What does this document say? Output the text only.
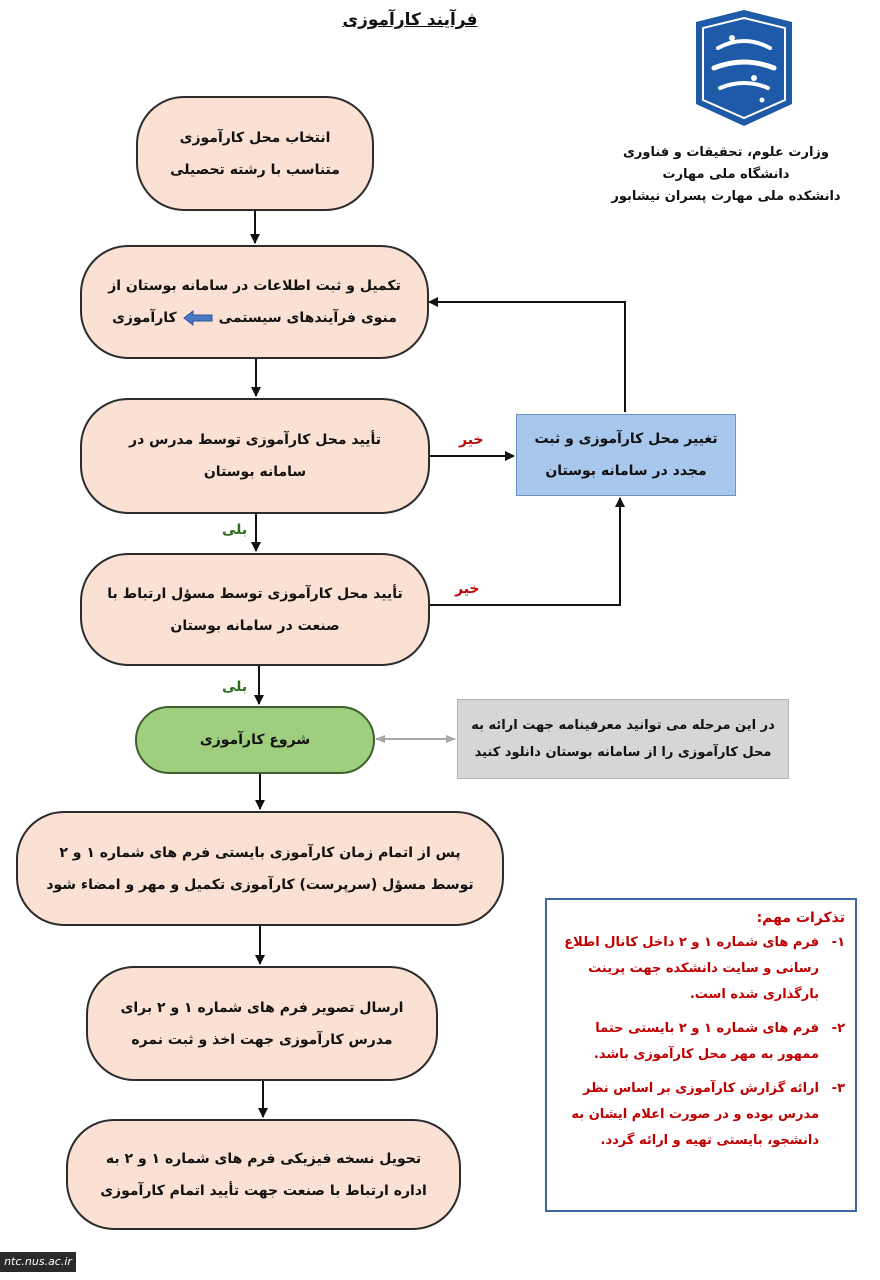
فرآیند کارآموزی
وزارت علوم، تحقیقات و فناوری
دانشگاه ملی مهارت
دانشکده ملی مهارت پسران نیشابور
انتخاب محل کارآموزی
متناسب با رشته تحصیلی
تکمیل و ثبت اطلاعات در سامانه بوستان از
منوی فرآیندهای سیستمی
کارآموزی
تأیید محل کارآموزی توسط مدرس در
سامانه بوستان
تأیید محل کارآموزی توسط مسؤل ارتباط با
صنعت در سامانه بوستان
شروع کارآموزی
پس از اتمام زمان کارآموزی بایستی فرم های شماره ۱ و ۲
توسط مسؤل (سرپرست) کارآموزی تکمیل و مهر و امضاء شود
ارسال تصویر فرم های شماره ۱ و ۲ برای
مدرس کارآموزی جهت اخذ و ثبت نمره
تحویل نسخه فیزیکی فرم های شماره ۱ و ۲ به
اداره ارتباط با صنعت جهت تأیید اتمام کارآموزی
تغییر محل کارآموزی و ثبت
مجدد در سامانه بوستان
در این مرحله می توانید معرفینامه جهت ارائه به
محل کارآموزی را از سامانه بوستان دانلود کنید
خیر
خیر
بلی
بلی
تذکرات مهم:
۱-
فرم های شماره ۱ و ۲ داخل کانال اطلاع
رسانی و سایت دانشکده جهت پرینت
بارگذاری شده است.
۲-
فرم های شماره ۱ و ۲ بایستی حتما
ممهور به مهر محل کارآموزی باشد.
۳-
ارائه گزارش کارآموزی بر اساس نظر
مدرس بوده و در صورت اعلام ایشان به
دانشجو، بایستی تهیه و ارائه گردد.
ntc.nus.ac.ir
